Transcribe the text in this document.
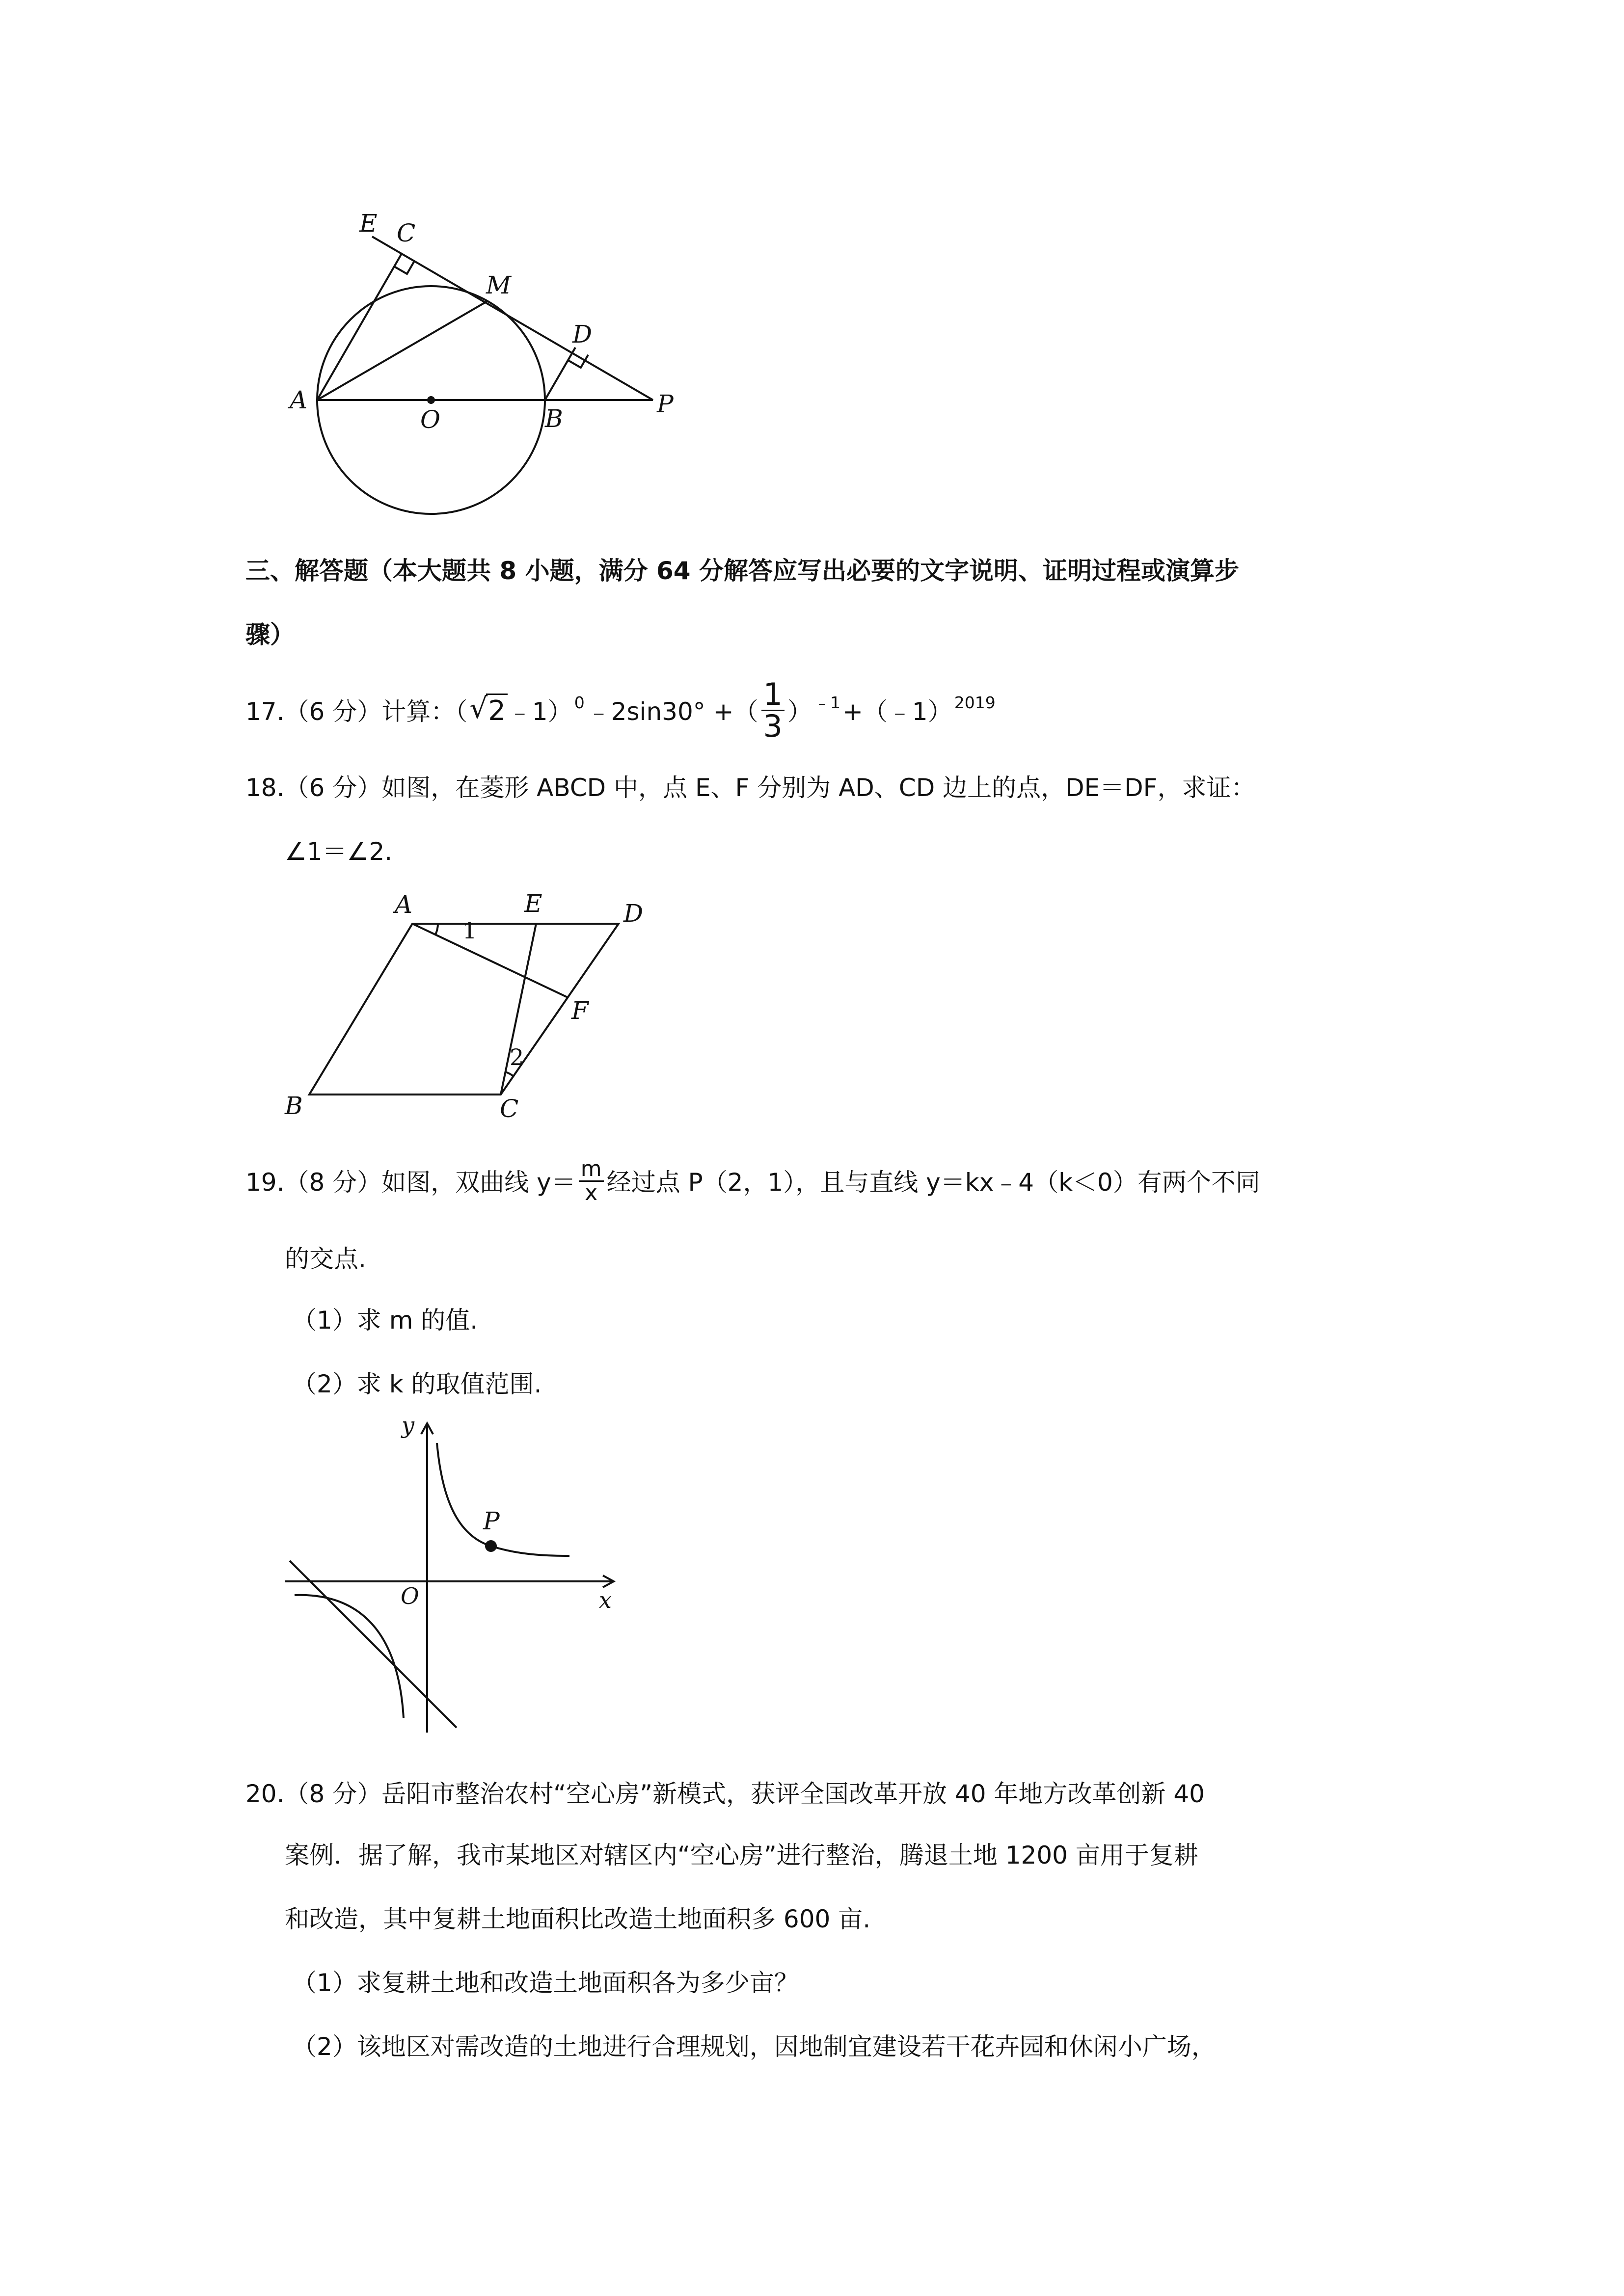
E C
M
D
A
O	B
P
三、解答题（本大题共 8 小题，满分 64 分解答应写出必要的文字说明、证明过程或演算步
骤）
17.（6 分）计算：（ √ 2﹣1） $^0$﹣2sin30° +（ $\frac{1}{3}$ ） $^{﹣1}$+（﹣1） $^{2019}$
18.（6 分）如图，在菱形 ABCD 中，点 E、F 分别为 AD、CD 边上的点，DE＝DF，求证：
∠1＝∠2.
A	E	D
F
B	C
1
2
19.（8 分）如图，双曲线 $y= \frac{m}{x}$ 经过点 P（2，1），且与直线 y＝kx﹣4（k＜0）有两个不同
的交点.
（1）求 m 的值.
（2）求 k 的取值范围.
y
x
O
P
20.（8 分）岳阳市整治农村“空心房”新模式，获评全国改革开放 40 年地方改革创新 40
案例．据了解，我市某地区对辖区内“空心房”进行整治，腾退土地 1200 亩用于复耕
和改造，其中复耕土地面积比改造土地面积多 600 亩.
（1）求复耕土地和改造土地面积各为多少亩？
（2）该地区对需改造的土地进行合理规划，因地制宜建设若干花卉园和休闲小广场，
